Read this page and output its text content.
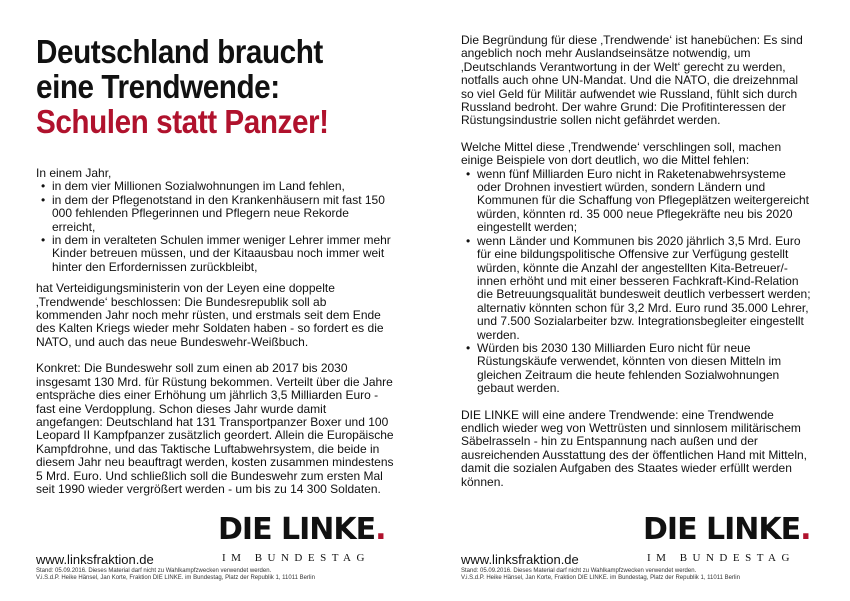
Deutschland braucht
eine Trendwende:
Schulen statt Panzer!

In einem Jahr,

• in dem vier Millionen Sozialwohnungen im Land fehlen,
• in dem der Pflegenotstand in den Krankenhäusern mit fast 150 000 fehlenden Pflegerinnen und Pflegern neue Rekorde erreicht,
• in dem in veralteten Schulen immer weniger Lehrer immer mehr Kinder betreuen müssen, und der Kitaausbau noch immer weit hinter den Erfordernissen zurückbleibt,

hat Verteidigungsministerin von der Leyen eine doppelte ‚Trendwende‘ beschlossen: Die Bundesrepublik soll ab kommenden Jahr noch mehr rüsten, und erstmals seit dem Ende des Kalten Kriegs wieder mehr Soldaten haben - so fordert es die NATO, und auch das neue Bundeswehr-Weißbuch.

Konkret: Die Bundeswehr soll zum einen ab 2017 bis 2030 insgesamt 130 Mrd. für Rüstung bekommen. Verteilt über die Jahre entspräche dies einer Erhöhung um jährlich 3,5 Milliarden Euro - fast eine Verdopplung. Schon dieses Jahr wurde damit angefangen: Deutschland hat 131 Transportpanzer Boxer und 100 Leopard II Kampfpanzer zusätzlich geordert. Allein die Europäische Kampfdrohne, und das Taktische Luftabwehrsystem, die beide in diesem Jahr neu beauftragt werden, kosten zusammen mindestens 5 Mrd. Euro. Und schließlich soll die Bundeswehr zum ersten Mal seit 1990 wieder vergrößert werden - um bis zu 14 300 Soldaten.

DIE LINKE.
IM BUNDESTAG
www.linksfraktion.de
Stand: 05.09.2016. Dieses Material darf nicht zu Wahlkampfzwecken verwendet werden.
V.i.S.d.P. Heike Hänsel, Jan Korte, Fraktion DIE LINKE. im Bundestag, Platz der Republik 1, 11011 Berlin

Die Begründung für diese ‚Trendwende‘ ist hanebüchen: Es sind angeblich noch mehr Auslandseinsätze notwendig, um ‚Deutschlands Verantwortung in der Welt‘ gerecht zu werden, notfalls auch ohne UN-Mandat. Und die NATO, die dreizehnmal so viel Geld für Militär aufwendet wie Russland, fühlt sich durch Russland bedroht. Der wahre Grund: Die Profitinteressen der Rüstungsindustrie sollen nicht gefährdet werden.

Welche Mittel diese ‚Trendwende‘ verschlingen soll, machen einige Beispiele von dort deutlich, wo die Mittel fehlen:

• wenn fünf Milliarden Euro nicht in Raketenabwehrsysteme oder Drohnen investiert würden, sondern Ländern und Kommunen für die Schaffung von Pflegeplätzen weitergereicht würden, könnten rd. 35 000 neue Pflegekräfte neu bis 2020 eingestellt werden;
• wenn Länder und Kommunen bis 2020 jährlich 3,5 Mrd. Euro für eine bildungspolitische Offensive zur Verfügung gestellt würden, könnte die Anzahl der angestellten Kita-Betreuer/-innen erhöht und mit einer besseren Fachkraft-Kind-Relation die Betreuungsqualität bundesweit deutlich verbessert werden; alternativ könnten schon für 3,2 Mrd. Euro rund 35.000 Lehrer, und 7.500 Sozialarbeiter bzw. Integrationsbegleiter eingestellt werden.
• Würden bis 2030 130 Milliarden Euro nicht für neue Rüstungskäufe verwendet, könnten von diesen Mitteln im gleichen Zeitraum die heute fehlenden Sozialwohnungen gebaut werden.

DIE LINKE will eine andere Trendwende: eine Trendwende endlich wieder weg von Wettrüsten und sinnlosem militärischem Säbelrasseln - hin zu Entspannung nach außen und der ausreichenden Ausstattung des der öffentlichen Hand mit Mitteln, damit die sozialen Aufgaben des Staates wieder erfüllt werden können.

DIE LINKE.
IM BUNDESTAG
www.linksfraktion.de
Stand: 05.09.2016. Dieses Material darf nicht zu Wahlkampfzwecken verwendet werden.
V.i.S.d.P. Heike Hänsel, Jan Korte, Fraktion DIE LINKE. im Bundestag, Platz der Republik 1, 11011 Berlin
